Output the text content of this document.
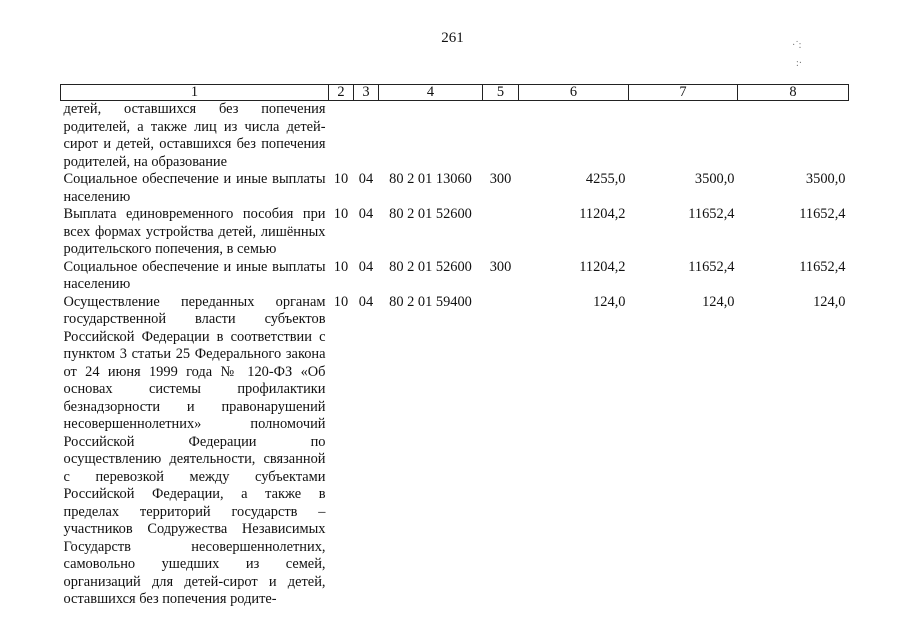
261	·˙:
:·
1	2	3	4	5	6	7	8
детей, оставшихся без попечения родителей, а также лиц из числа детей-сирот и детей, оставшихся без попечения родителей, на образование							
Социальное обеспечение и иные выплаты населению	10	04	80 2 01 13060	300	4255,0	3500,0	3500,0
Выплата единовременного пособия при всех формах устройства детей, лишённых родительского попечения, в семью	10	04	80 2 01 52600		11204,2	11652,4	11652,4
Социальное обеспечение и иные выплаты населению	10	04	80 2 01 52600	300	11204,2	11652,4	11652,4
Осуществление переданных органам государственной власти субъектов Российской Федерации в соответствии с пунктом 3 статьи 25 Федерального закона от 24 июня 1999 года № 120-ФЗ «Об основах системы профилактики безнадзорности и правонарушений несовершеннолетних» полномочий Российской Федерации по осуществлению деятельности, связанной с перевозкой между субъектами Российской Федерации, а также в пределах территорий государств – участников Содружества Независимых Государств несовершеннолетних, самовольно ушедших из семей, организаций для детей-сирот и детей, оставшихся без попечения родите-	10	04	80 2 01 59400		124,0	124,0	124,0
